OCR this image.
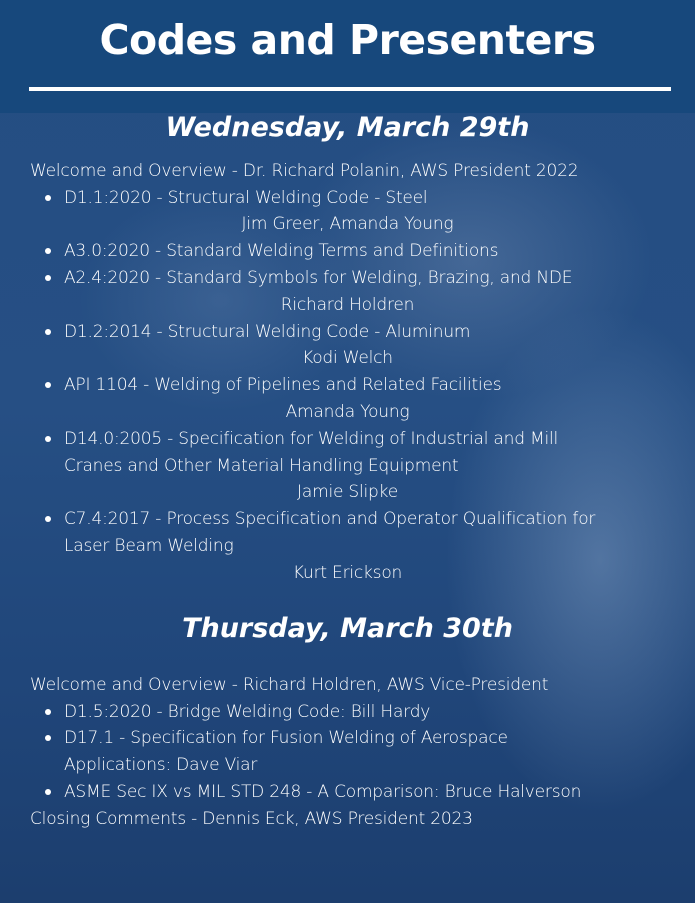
Codes and Presenters
Wednesday, March 29th
Welcome and Overview - Dr. Richard Polanin, AWS President 2022
D1.1:2020 - Structural Welding Code - Steel
Jim Greer, Amanda Young
A3.0:2020 - Standard Welding Terms and Definitions
A2.4:2020 - Standard Symbols for Welding, Brazing, and NDE
Richard Holdren
D1.2:2014 - Structural Welding Code - Aluminum
Kodi Welch
API 1104 - Welding of Pipelines and Related Facilities
Amanda Young
D14.0:2005 - Specification for Welding of Industrial and Mill
Cranes and Other Material Handling Equipment
Jamie Slipke
C7.4:2017 - Process Specification and Operator Qualification for
Laser Beam Welding
Kurt Erickson
Thursday, March 30th
Welcome and Overview - Richard Holdren, AWS Vice-President
D1.5:2020 - Bridge Welding Code: Bill Hardy
D17.1 - Specification for Fusion Welding of Aerospace
Applications: Dave Viar
ASME Sec IX vs MIL STD 248 - A Comparison: Bruce Halverson
Closing Comments - Dennis Eck, AWS President 2023
